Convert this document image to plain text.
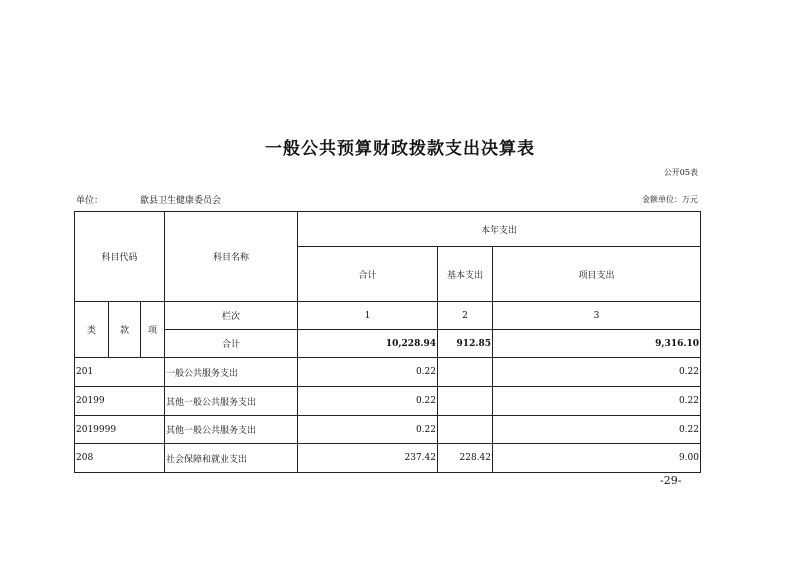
一般公共预算财政拨款支出决算表
公开05表
单位：	歙县卫生健康委员会	金额单位：万元
科目代码			科目名称	本年支出		
				合计	基本支出	项目支出
类	款	项	栏次	1	2	3
			合计	10,228.94	912.85	9,316.10
201			一般公共服务支出	0.22		0.22
20199			其他一般公共服务支出	0.22		0.22
2019999			其他一般公共服务支出	0.22		0.22
208			社会保障和就业支出	237.42	228.42	9.00
-29-
